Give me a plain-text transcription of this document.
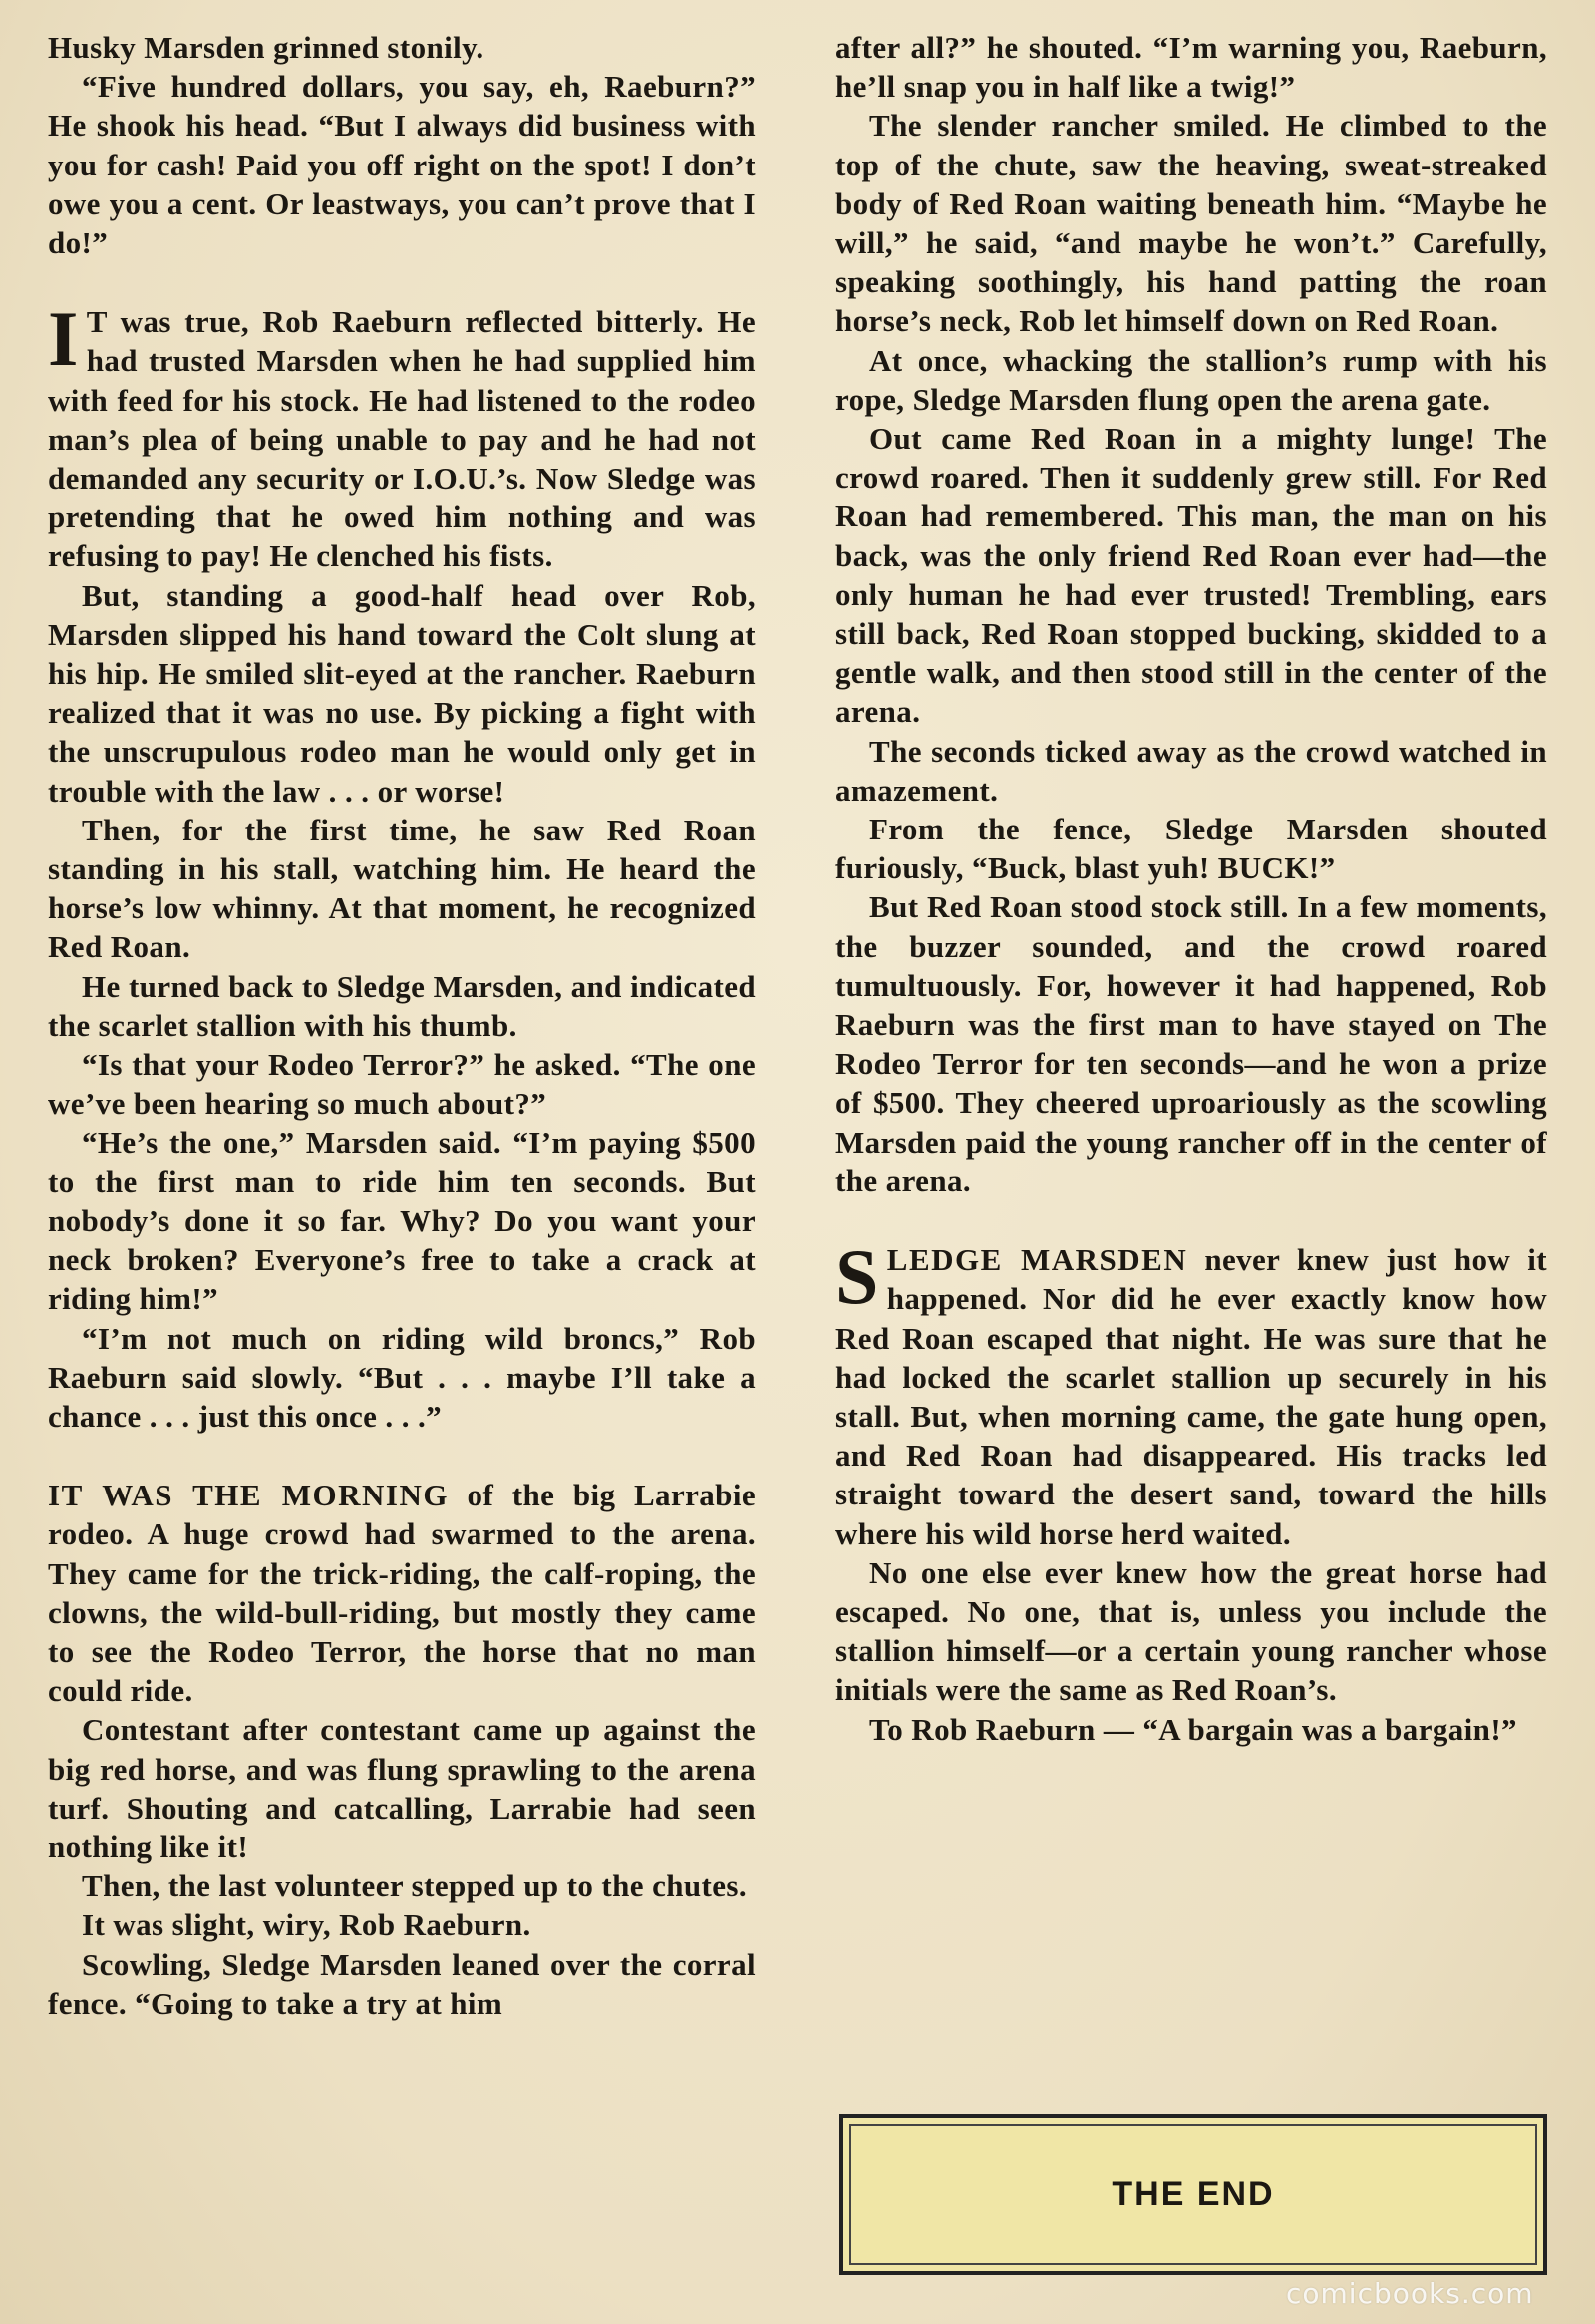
Husky Marsden grinned stonily.

“Five hundred dollars, you say, eh, Raeburn?” He shook his head. “But I always did business with you for cash! Paid you off right on the spot! I don’t owe you a cent. Or leastways, you can’t prove that I do!”

I T was true, Rob Raeburn reflected bitterly. He had trusted Marsden when he had supplied him with feed for his stock. He had listened to the rodeo man’s plea of being unable to pay and he had not demanded any security or I.O.U.’s. Now Sledge was pretending that he owed him nothing and was refusing to pay! He clenched his fists.

But, standing a good-half head over Rob, Marsden slipped his hand toward the Colt slung at his hip. He smiled slit-eyed at the rancher. Raeburn realized that it was no use. By picking a fight with the unscrupulous rodeo man he would only get in trouble with the law . . . or worse!

Then, for the first time, he saw Red Roan standing in his stall, watching him. He heard the horse’s low whinny. At that moment, he recognized Red Roan.

He turned back to Sledge Marsden, and indicated the scarlet stallion with his thumb.

“Is that your Rodeo Terror?” he asked. “The one we’ve been hearing so much about?”

“He’s the one,” Marsden said. “I’m paying $500 to the first man to ride him ten seconds. But nobody’s done it so far. Why? Do you want your neck broken? Everyone’s free to take a crack at riding him!”

“I’m not much on riding wild broncs,” Rob Raeburn said slowly. “But . . . maybe I’ll take a chance . . . just this once . . .”

IT WAS THE MORNING of the big Larrabie rodeo. A huge crowd had swarmed to the arena. They came for the trick-riding, the calf-roping, the clowns, the wild-bull-riding, but mostly they came to see the Rodeo Terror, the horse that no man could ride.

Contestant after contestant came up against the big red horse, and was flung sprawling to the arena turf. Shouting and catcalling, Larrabie had seen nothing like it!

Then, the last volunteer stepped up to the chutes.

It was slight, wiry, Rob Raeburn.

Scowling, Sledge Marsden leaned over the corral fence. “Going to take a try at him

after all?” he shouted. “I’m warning you, Raeburn, he’ll snap you in half like a twig!”

The slender rancher smiled. He climbed to the top of the chute, saw the heaving, sweat-streaked body of Red Roan waiting beneath him. “Maybe he will,” he said, “and maybe he won’t.” Carefully, speaking soothingly, his hand patting the roan horse’s neck, Rob let himself down on Red Roan.

At once, whacking the stallion’s rump with his rope, Sledge Marsden flung open the arena gate.

Out came Red Roan in a mighty lunge! The crowd roared. Then it suddenly grew still. For Red Roan had remembered. This man, the man on his back, was the only friend Red Roan ever had—the only human he had ever trusted! Trembling, ears still back, Red Roan stopped bucking, skidded to a gentle walk, and then stood still in the center of the arena.

The seconds ticked away as the crowd watched in amazement.

From the fence, Sledge Marsden shouted furiously, “Buck, blast yuh! BUCK!”

But Red Roan stood stock still. In a few moments, the buzzer sounded, and the crowd roared tumultuously. For, however it had happened, Rob Raeburn was the first man to have stayed on The Rodeo Terror for ten seconds—and he won a prize of $500. They cheered uproariously as the scowling Marsden paid the young rancher off in the center of the arena.

SLEDGE MARSDEN never knew just how it happened. Nor did he ever exactly know how Red Roan escaped that night. He was sure that he had locked the scarlet stallion up securely in his stall. But, when morning came, the gate hung open, and Red Roan had disappeared. His tracks led straight toward the desert sand, toward the hills where his wild horse herd waited.

No one else ever knew how the great horse had escaped. No one, that is, unless you include the stallion himself—or a certain young rancher whose initials were the same as Red Roan’s.

To Rob Raeburn — “A bargain was a bargain!”

THE END
comicbooks.com
